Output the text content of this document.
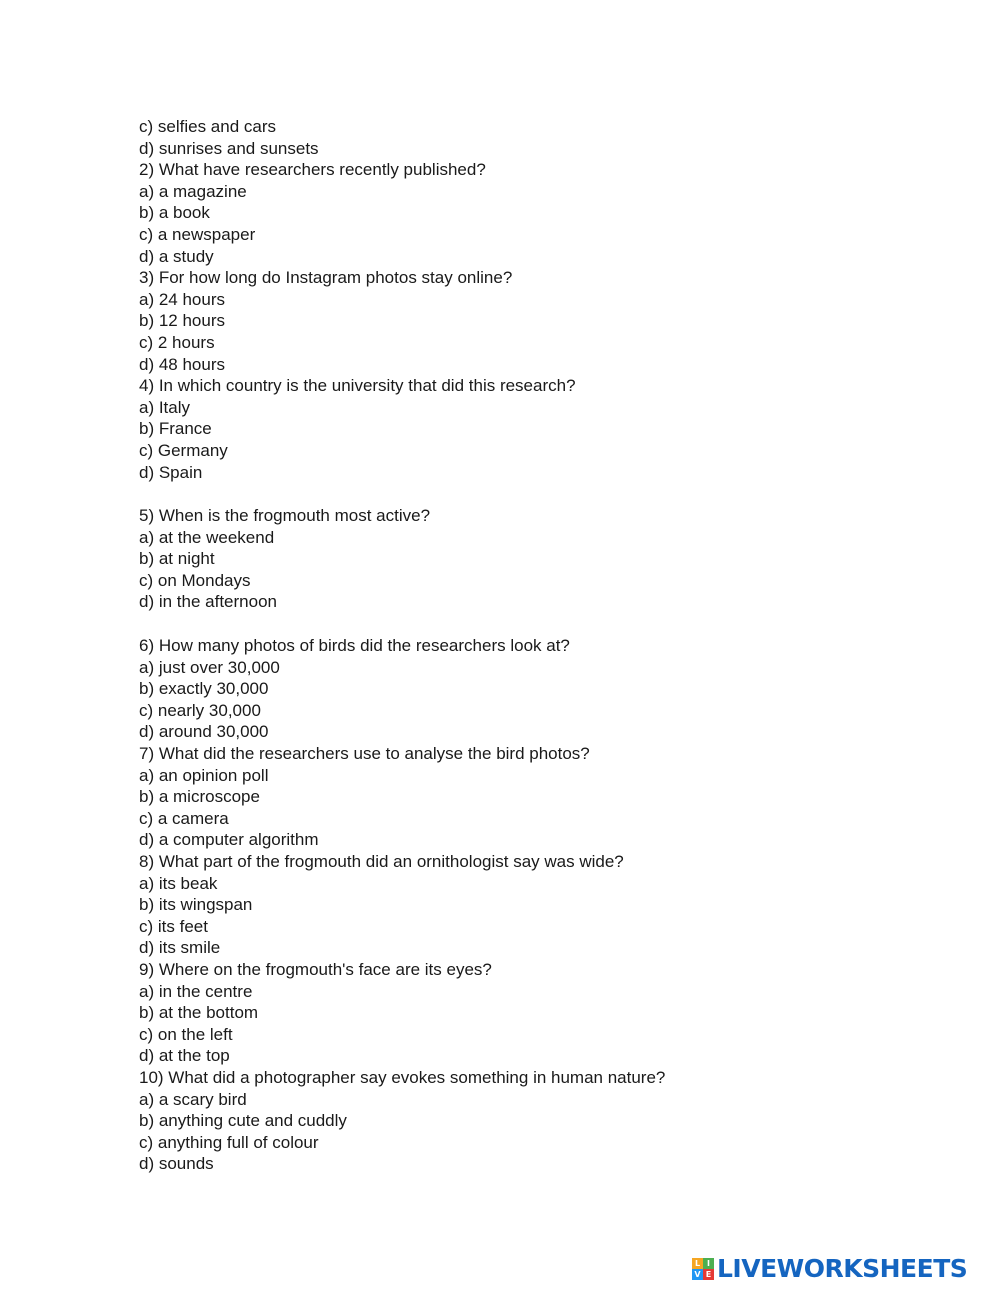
c) selfies and cars
d) sunrises and sunsets
2) What have researchers recently published?
a) a magazine
b) a book
c) a newspaper
d) a study
3) For how long do Instagram photos stay online?
a) 24 hours
b) 12 hours
c) 2 hours
d) 48 hours
4) In which country is the university that did this research?
a) Italy
b) France
c) Germany
d) Spain
5) When is the frogmouth most active?
a) at the weekend
b) at night
c) on Mondays
d) in the afternoon
6) How many photos of birds did the researchers look at?
a) just over 30,000
b) exactly 30,000
c) nearly 30,000
d) around 30,000
7) What did the researchers use to analyse the bird photos?
a) an opinion poll
b) a microscope
c) a camera
d) a computer algorithm
8) What part of the frogmouth did an ornithologist say was wide?
a) its beak
b) its wingspan
c) its feet
d) its smile
9) Where on the frogmouth's face are its eyes?
a) in the centre
b) at the bottom
c) on the left
d) at the top
10) What did a photographer say evokes something in human nature?
a) a scary bird
b) anything cute and cuddly
c) anything full of colour
d) sounds
L I
V E LIVEWORKSHEETS
